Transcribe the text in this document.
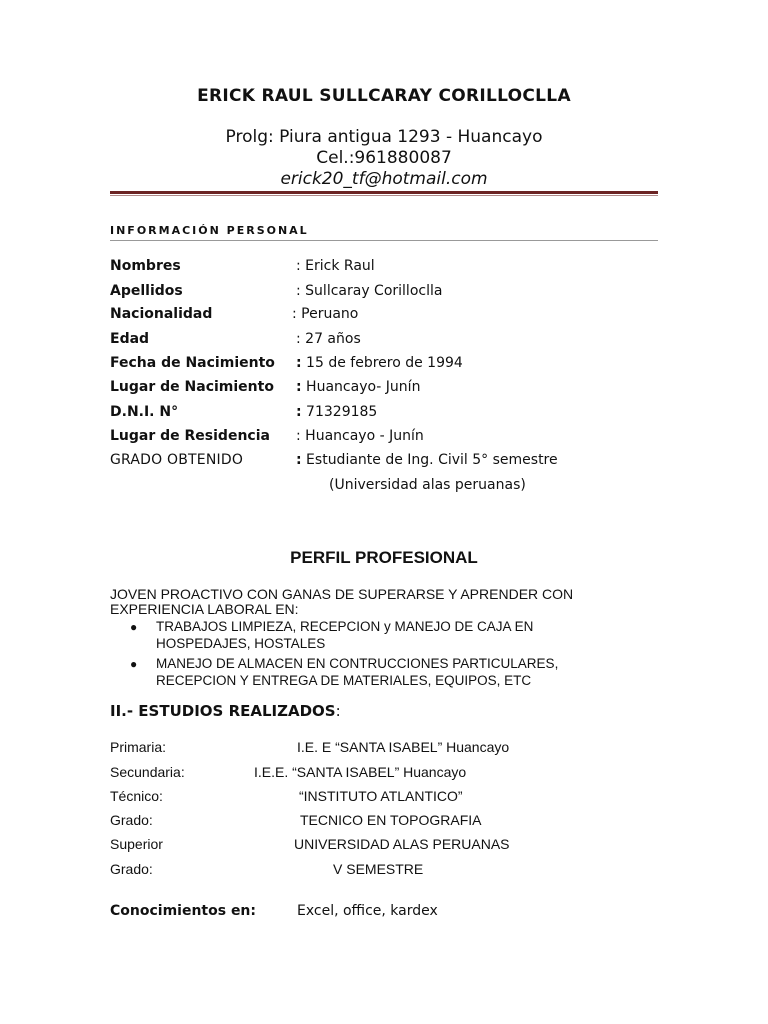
ERICK RAUL SULLCARAY CORILLOCLLA
Prolg: Piura antigua 1293 - Huancayo
Cel.:961880087
erick20_tf@hotmail.com
INFORMACIÓN PERSONAL
Nombres	: Erick Raul
Apellidos	: Sullcaray Corilloclla
Nacionalidad	: Peruano
Edad	: 27 años
Fecha de Nacimiento : 15 de febrero de 1994
Lugar de Nacimiento : Huancayo- Junín
D.N.I. N°	: 71329185
Lugar de Residencia : Huancayo - Junín
GRADO OBTENIDO	: Estudiante de Ing. Civil 5° semestre
(Universidad alas peruanas)
PERFIL PROFESIONAL
JOVEN PROACTIVO CON GANAS DE SUPERARSE Y APRENDER CON EXPERIENCIA LABORAL EN:
● TRABAJOS LIMPIEZA, RECEPCION y MANEJO DE CAJA EN HOSPEDAJES, HOSTALES
● MANEJO DE ALMACEN EN CONTRUCCIONES PARTICULARES, RECEPCION Y ENTREGA DE MATERIALES, EQUIPOS, ETC
II.- ESTUDIOS REALIZADOS:
Primaria:	I.E. E “SANTA ISABEL” Huancayo
Secundaria:	I.E.E. “SANTA ISABEL” Huancayo
Técnico:	“INSTITUTO ATLANTICO”
Grado:	TECNICO EN TOPOGRAFIA
Superior	UNIVERSIDAD ALAS PERUANAS
Grado:	V SEMESTRE
Conocimientos en:	Excel, office, kardex
